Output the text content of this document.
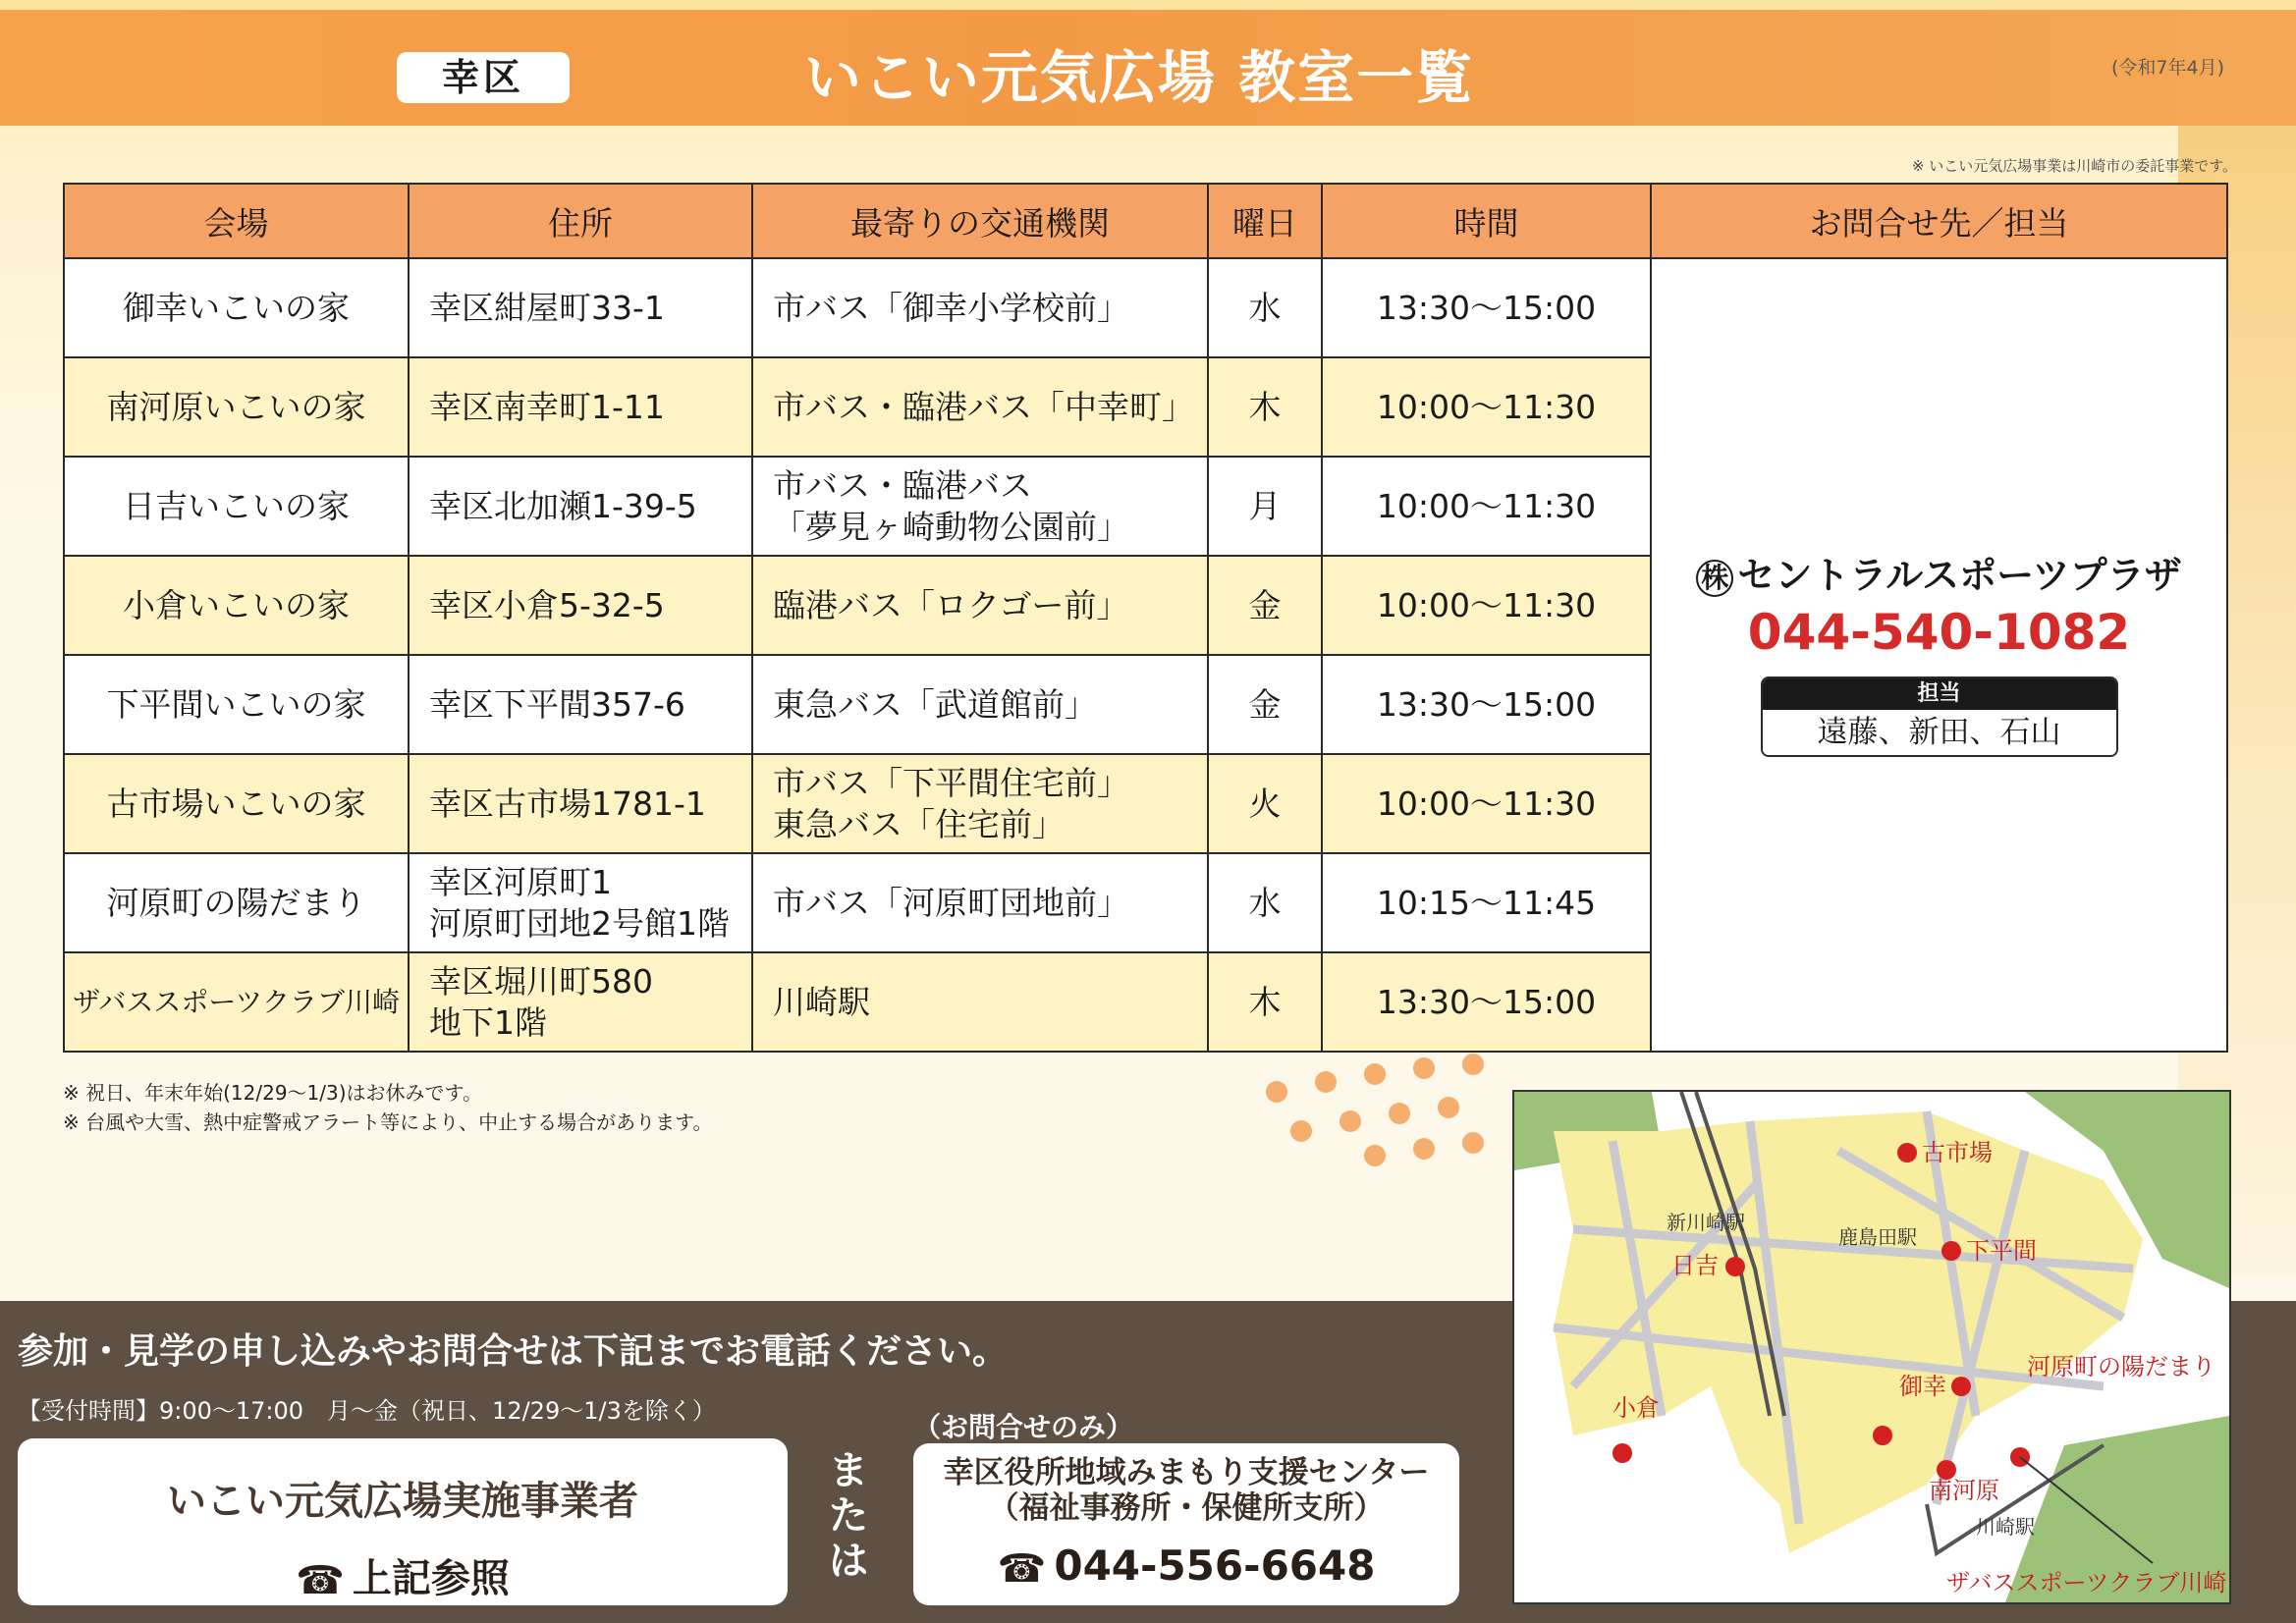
幸区	いこい元気広場 教室一覧	(令和7年4月)
※ いこい元気広場事業は川崎市の委託事業です。
会場	住所	最寄りの交通機関	曜日	時間	お問合せ先／担当
御幸いこいの家	幸区紺屋町33-1	市バス「御幸小学校前」	水	13:30～15:00	株 セントラルスポーツプラザ
044-540-1082
担当
遠藤、新田、石山

南河原いこいの家	幸区南幸町1-11	市バス・臨港バス「中幸町」	木	10:00～11:30	
日吉いこいの家	幸区北加瀬1-39-5	市バス・臨港バス
「夢見ヶ崎動物公園前」	月	10:00～11:30	
小倉いこいの家	幸区小倉5-32-5	臨港バス「ロクゴー前」	金	10:00～11:30	
下平間いこいの家	幸区下平間357-6	東急バス「武道館前」	金	13:30～15:00	
古市場いこいの家	幸区古市場1781-1	市バス「下平間住宅前」
東急バス「住宅前」	火	10:00～11:30	
河原町の陽だまり	幸区河原町1
河原町団地2号館1階	市バス「河原町団地前」	水	10:15～11:45	
ザバススポーツクラブ川崎	幸区堀川町580
地下1階	川崎駅	木	13:30～15:00	
※ 祝日、年末年始(12/29～1/3)はお休みです。
※ 台風や大雪、熱中症警戒アラート等により、中止する場合があります。
参加・見学の申し込みやお問合せは下記までお電話ください。
【受付時間】9:00～17:00　月～金（祝日、12/29～1/3を除く）
いこい元気広場実施事業者
☎ 上記参照
または
（お問合せのみ）
幸区役所地域みまもり支援センター
（福祉事務所・保健所支所）
☎ 044-556-6648
新川崎駅
鹿島田駅
川崎駅
古市場
下平間
日吉
河原町の陽だまり
御幸
小倉
南河原
ザバススポーツクラブ川崎
